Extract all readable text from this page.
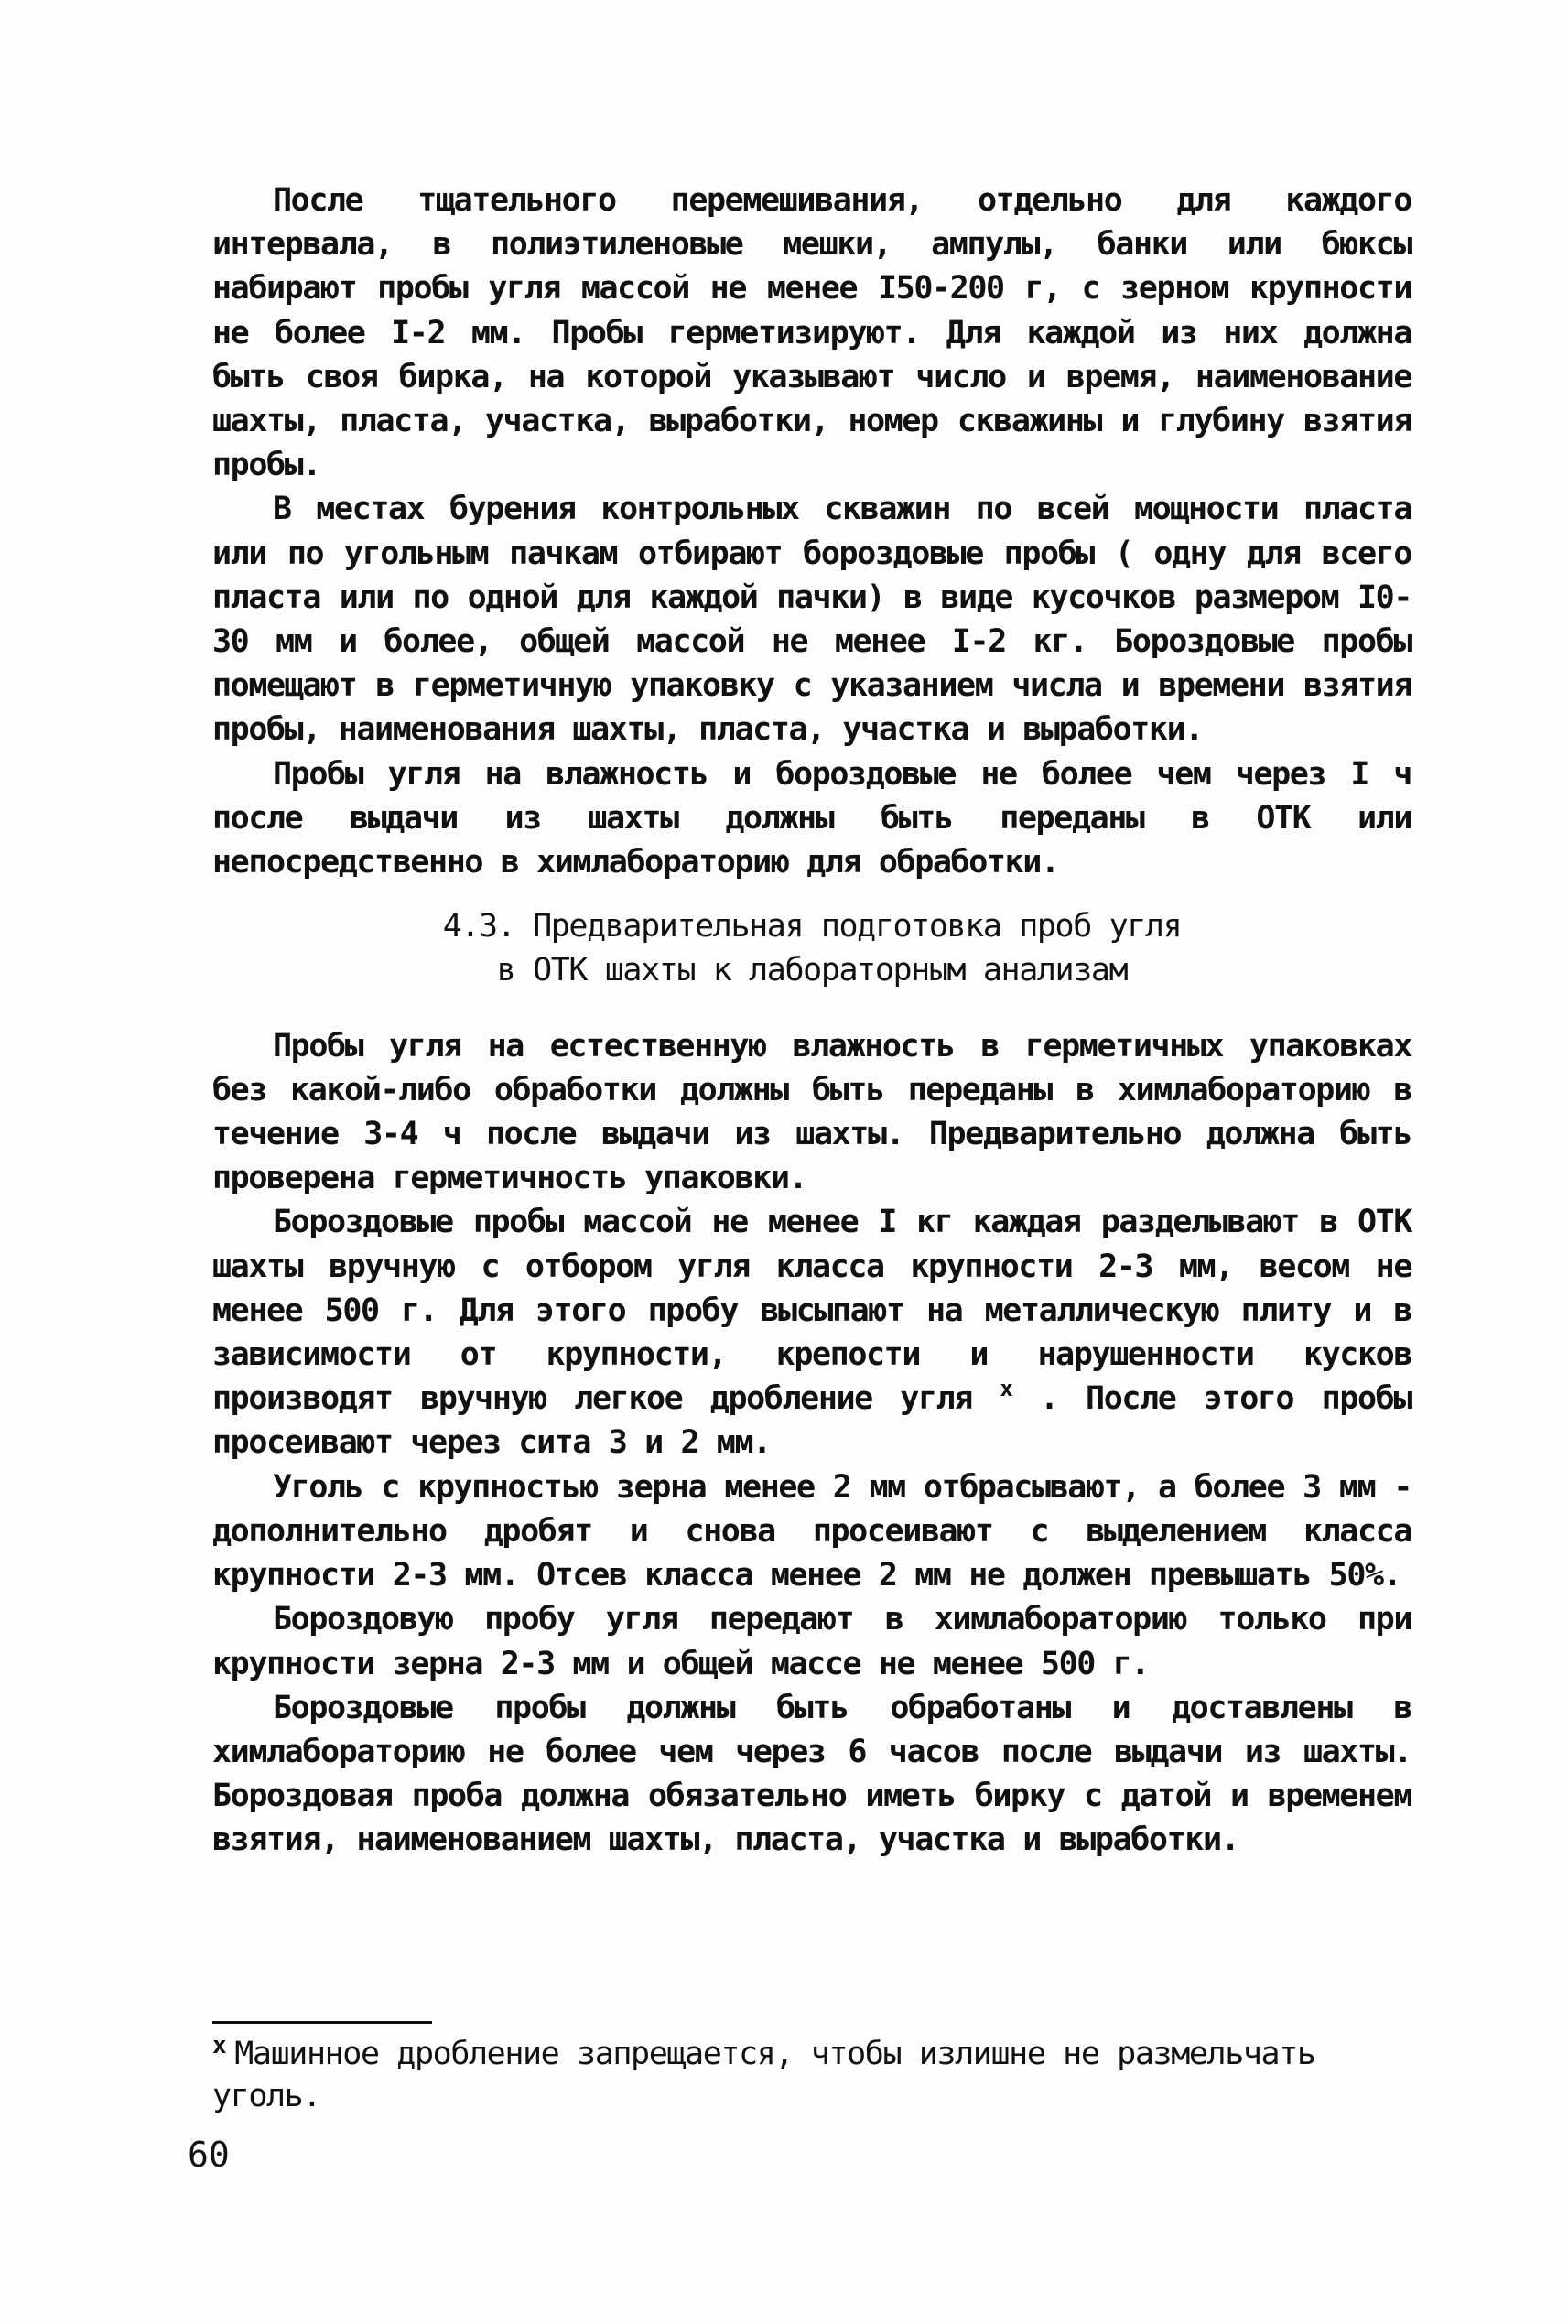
После тщательного перемешивания, отдельно для каждого интервала, в полиэтиленовые мешки, ампулы, банки или бюксы набирают пробы угля массой не менее I50-200 г, с зерном крупности не более I-2 мм. Пробы герметизируют. Для каждой из них должна быть своя бирка, на которой указывают число и время, наименование шахты, пласта, участка, выработки, номер скважины и глубину взятия пробы.

В местах бурения контрольных скважин по всей мощности пласта или по угольным пачкам отбирают бороздовые пробы ( одну для всего пласта или по одной для каждой пачки) в виде кусочков размером I0-30 мм и более, общей массой не менее I-2 кг. Бороздовые пробы помещают в герметичную упаковку с указанием числа и времени взятия пробы, наименования шахты, пласта, участка и выработки.

Пробы угля на влажность и бороздовые не более чем через I ч после выдачи из шахты должны быть переданы в ОТК или непосредственно в химлабораторию для обработки.

4.3. Предварительная подготовка проб угля
в ОТК шахты к лабораторным анализам

Пробы угля на естественную влажность в герметичных упаковках без какой-либо обработки должны быть переданы в химлабораторию в течение 3-4 ч после выдачи из шахты. Предварительно должна быть проверена герметичность упаковки.

Бороздовые пробы массой не менее I кг каждая разделывают в ОТК шахты вручную с отбором угля класса крупности 2-3 мм, весом не менее 500 г. Для этого пробу высыпают на металлическую плиту и в зависимости от крупности, крепости и нарушенности кусков производят вручную легкое дробление угля $^x$ . После этого пробы просеивают через сита 3 и 2 мм.

Уголь с крупностью зерна менее 2 мм отбрасывают, а более 3 мм - дополнительно дробят и снова просеивают с выделением класса крупности 2-3 мм. Отсев класса менее 2 мм не должен превышать 50%.

Бороздовую пробу угля передают в химлабораторию только при крупности зерна 2-3 мм и общей массе не менее 500 г.

Бороздовые пробы должны быть обработаны и доставлены в химлабораторию не более чем через 6 часов после выдачи из шахты. Бороздовая проба должна обязательно иметь бирку с датой и временем взятия, наименованием шахты, пласта, участка и выработки.

$^x$ Машинное дробление запрещается, чтобы излишне не размельчать уголь.
60
